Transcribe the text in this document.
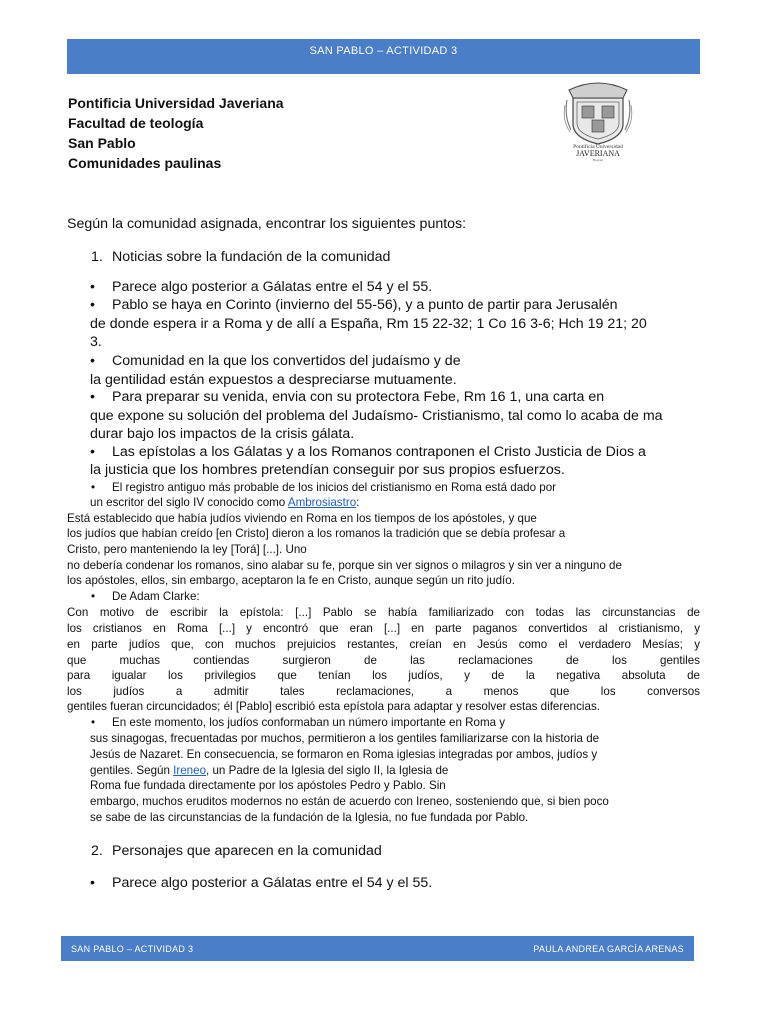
SAN PABLO – ACTIVIDAD 3
Pontificia Universidad Javeriana
Facultad de teología
San Pablo
Comunidades paulinas
Pontificia Universidad
JAVERIANA
Bogotá
Según la comunidad asignada, encontrar los siguientes puntos:
1. Noticias sobre la fundación de la comunidad
• Parece algo posterior a Gálatas entre el 54 y el 55.
• Pablo se haya en Corinto (invierno del 55-56), y a punto de partir para Jerusalén
de donde espera ir a Roma y de allí a España, Rm 15 22-32; 1 Co 16 3-6; Hch 19 21; 20
3.
• Comunidad en la que los convertidos del judaísmo y de
la gentilidad están expuestos a despreciarse mutuamente.
• Para preparar su venida, envia con su protectora Febe, Rm 16 1, una carta en
que expone su solución del problema del Judaísmo- Cristianismo, tal como lo acaba de ma
durar bajo los impactos de la crisis gálata.
• Las epístolas a los Gálatas y a los Romanos contraponen el Cristo Justicia de Dios a
la justicia que los hombres pretendían conseguir por sus propios esfuerzos.
• El registro antiguo más probable de los inicios del cristianismo en Roma está dado por
un escritor del siglo IV conocido como Ambrosiastro:
Está establecido que había judíos viviendo en Roma en los tiempos de los apóstoles, y que
los judíos que habían creído [en Cristo] dieron a los romanos la tradición que se debía profesar a
Cristo, pero manteniendo la ley [Torá] [...]. Uno
no debería condenar los romanos, sino alabar su fe, porque sin ver signos o milagros y sin ver a ninguno de
los apóstoles, ellos, sin embargo, aceptaron la fe en Cristo, aunque según un rito judío.
• De Adam Clarke:
Con motivo de escribir la epístola: [...] Pablo se había familiarizado con todas las circunstancias de
los cristianos en Roma [...] y encontró que eran [...] en parte paganos convertidos al cristianismo, y
en parte judíos que, con muchos prejuicios restantes, creían en Jesús como el verdadero Mesías; y
que muchas contiendas surgieron de las reclamaciones de los gentiles
para igualar los privilegios que tenían los judíos, y de la negativa absoluta de
los judíos a admitir tales reclamaciones, a menos que los conversos
gentiles fueran circuncidados; él [Pablo] escribió esta epístola para adaptar y resolver estas diferencias.
• En este momento, los judíos conformaban un número importante en Roma y
sus sinagogas, frecuentadas por muchos, permitieron a los gentiles familiarizarse con la historia de
Jesús de Nazaret. En consecuencia, se formaron en Roma iglesias integradas por ambos, judíos y
gentiles. Según Ireneo, un Padre de la Iglesia del siglo II, la Iglesia de
Roma fue fundada directamente por los apóstoles Pedro y Pablo. Sin
embargo, muchos eruditos modernos no están de acuerdo con Ireneo, sosteniendo que, si bien poco
se sabe de las circunstancias de la fundación de la Iglesia, no fue fundada por Pablo.
2. Personajes que aparecen en la comunidad
• Parece algo posterior a Gálatas entre el 54 y el 55.
SAN PABLO – ACTIVIDAD 3	PAULA ANDREA GARCÍA ARENAS
